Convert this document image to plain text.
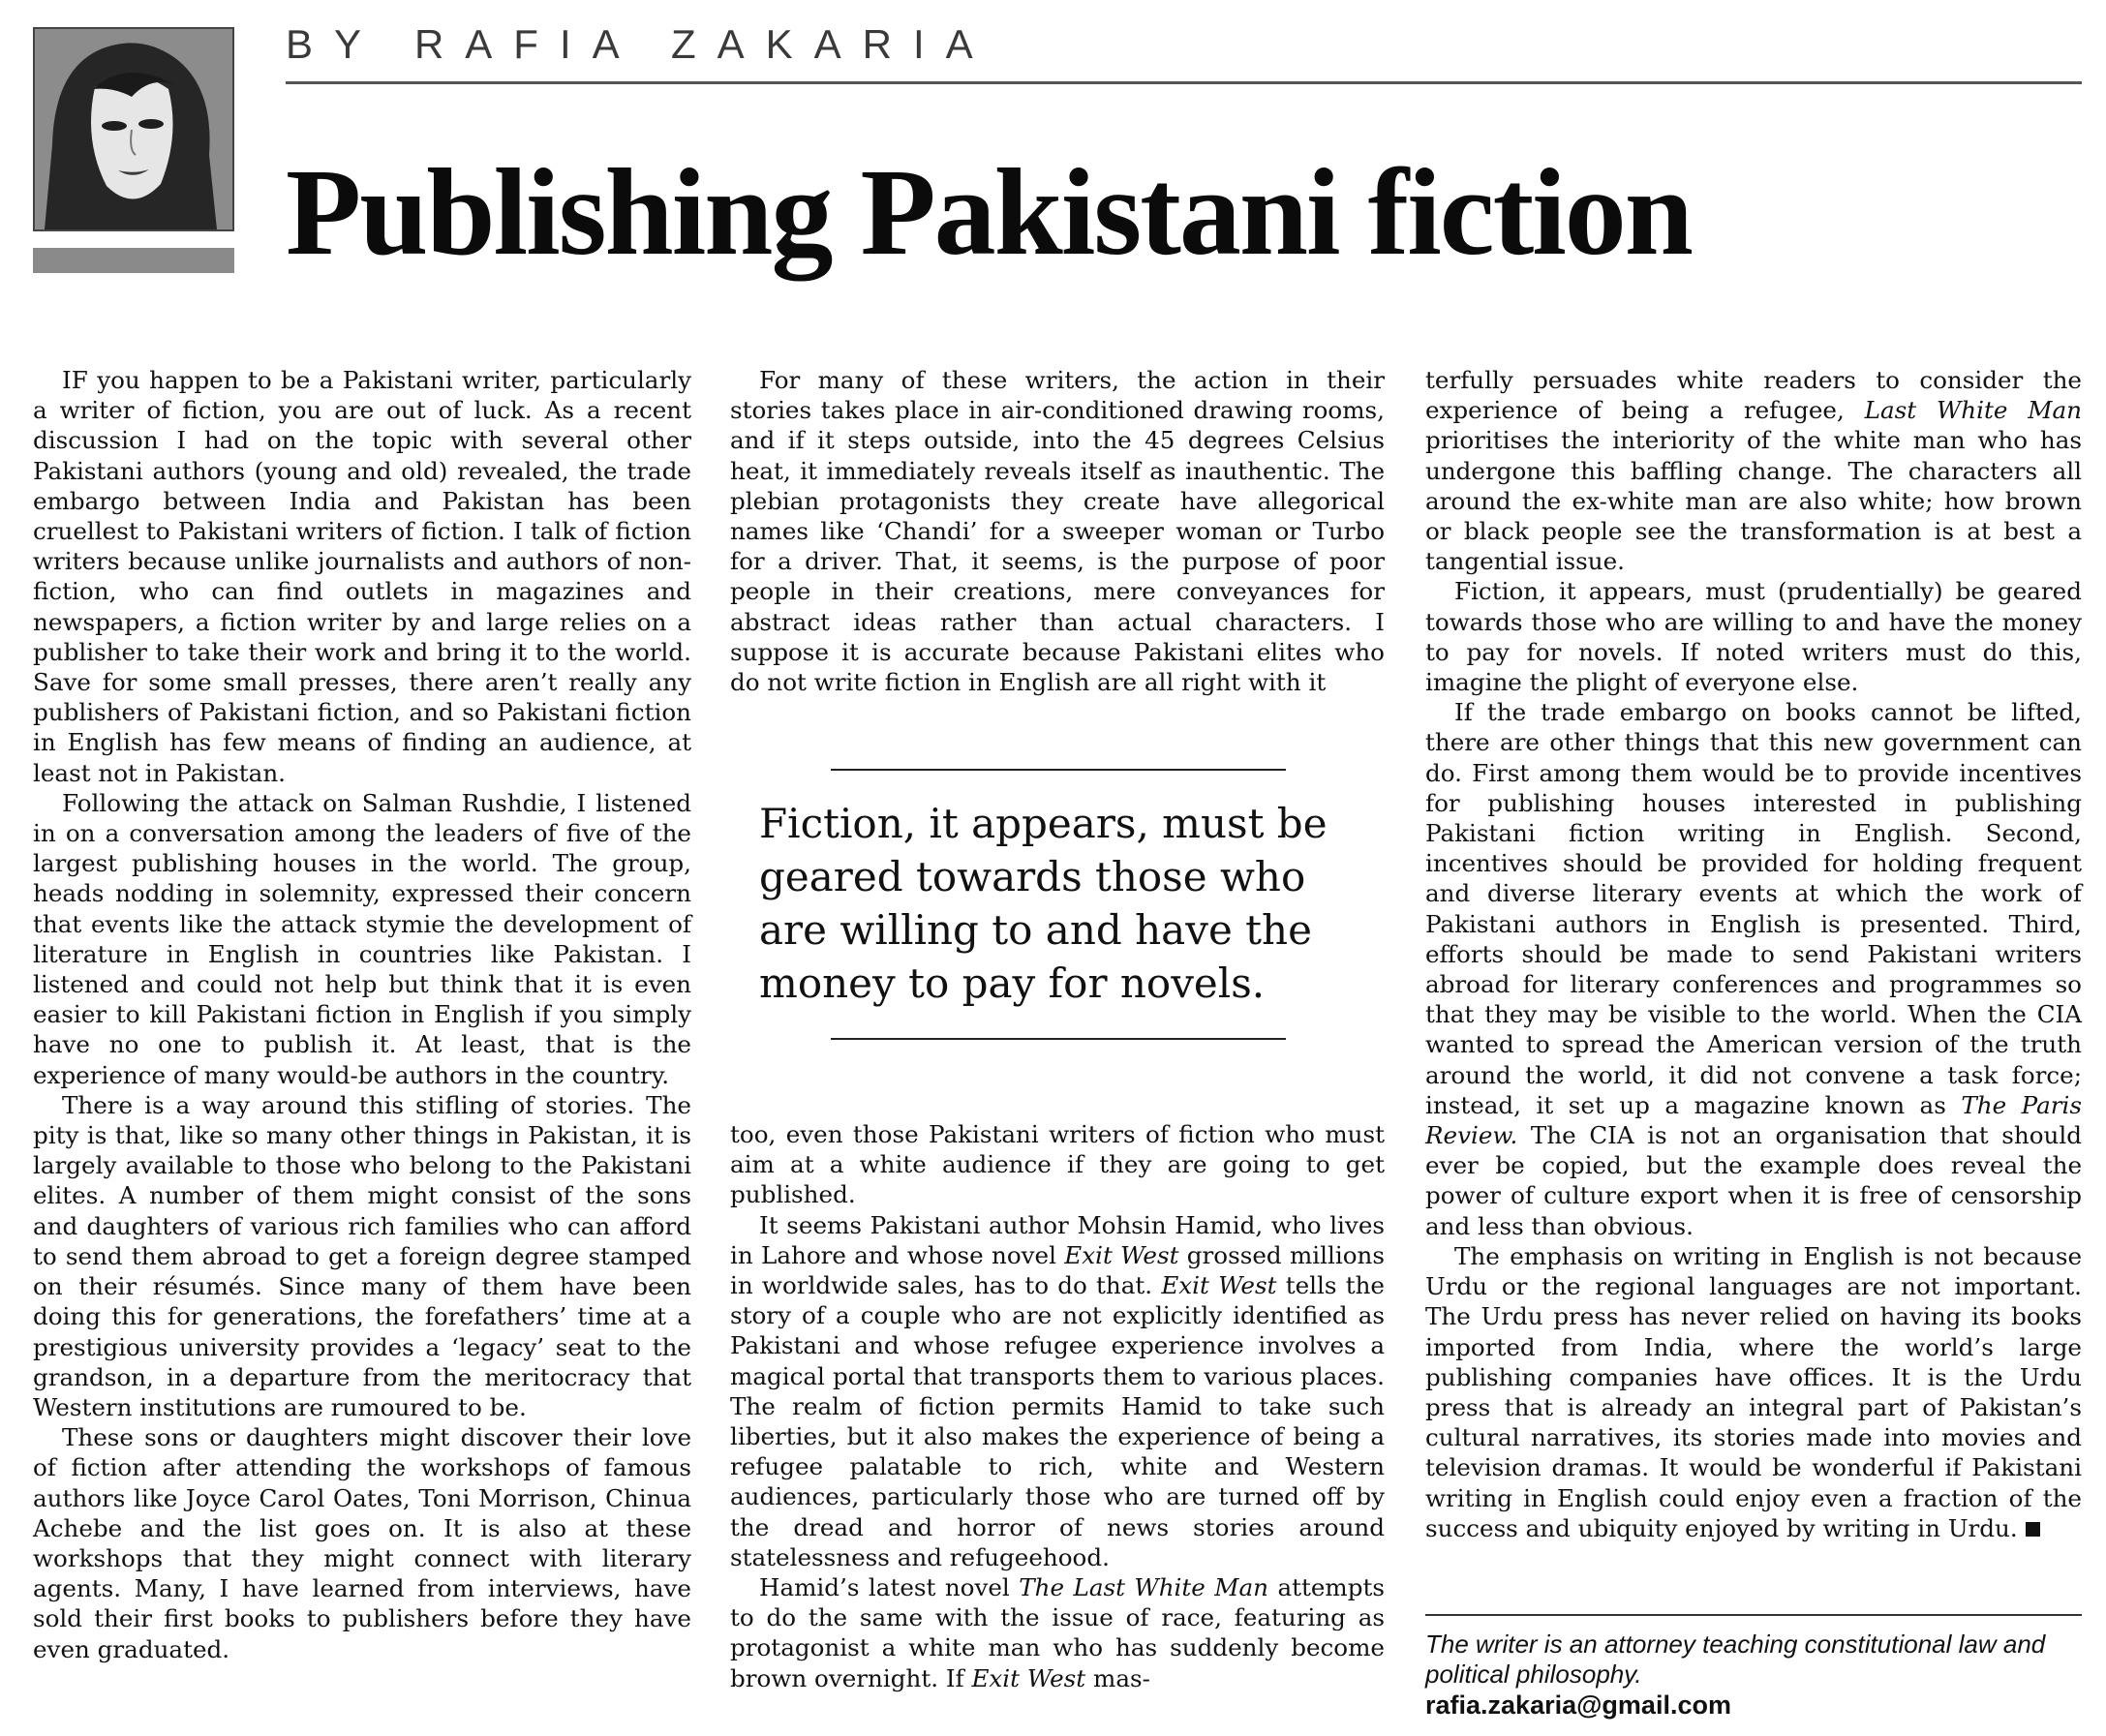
BY RAFIA ZAKARIA
Publishing Pakistani fiction

IF you happen to be a Pakistani writer, particularly a writer of fiction, you are out of luck. As a recent discussion I had on the topic with several other Pakistani authors (young and old) revealed, the trade embargo between India and Pakistan has been cruellest to Pakistani writers of fiction. I talk of fiction writers because unlike journalists and authors of non-fiction, who can find outlets in magazines and newspapers, a fiction writer by and large relies on a publisher to take their work and bring it to the world. Save for some small presses, there aren’t really any publishers of Pakistani fiction, and so Pakistani fiction in English has few means of finding an audience, at least not in Pakistan.

Following the attack on Salman Rushdie, I listened in on a conversation among the leaders of five of the largest publishing houses in the world. The group, heads nodding in solemnity, expressed their concern that events like the attack stymie the development of literature in English in countries like Pakistan. I listened and could not help but think that it is even easier to kill Pakistani fiction in English if you simply have no one to publish it. At least, that is the experience of many would-be authors in the country.

There is a way around this stifling of stories. The pity is that, like so many other things in Pakistan, it is largely available to those who belong to the Pakistani elites. A number of them might consist of the sons and daughters of various rich families who can afford to send them abroad to get a foreign degree stamped on their résumés. Since many of them have been doing this for generations, the forefathers’ time at a prestigious university provides a ‘legacy’ seat to the grandson, in a departure from the meritocracy that Western institutions are rumoured to be.

These sons or daughters might discover their love of fiction after attending the workshops of famous authors like Joyce Carol Oates, Toni Morrison, Chinua Achebe and the list goes on. It is also at these workshops that they might connect with literary agents. Many, I have learned from interviews, have sold their first books to publishers before they have even graduated.

For many of these writers, the action in their stories takes place in air-conditioned drawing rooms, and if it steps outside, into the 45 degrees Celsius heat, it immediately reveals itself as inauthentic. The plebian protagonists they create have allegorical names like ‘Chandi’ for a sweeper woman or Turbo for a driver. That, it seems, is the purpose of poor people in their creations, mere conveyances for abstract ideas rather than actual characters. I suppose it is accurate because Pakistani elites who do not write fiction in English are all right with it

Fiction, it appears, must be geared towards those who are willing to and have the money to pay for novels.

too, even those Pakistani writers of fiction who must aim at a white audience if they are going to get published.

It seems Pakistani author Mohsin Hamid, who lives in Lahore and whose novel Exit West grossed millions in worldwide sales, has to do that. Exit West tells the story of a couple who are not explicitly identified as Pakistani and whose refugee experience involves a magical portal that transports them to various places. The realm of fiction permits Hamid to take such liberties, but it also makes the experience of being a refugee palatable to rich, white and Western audiences, particularly those who are turned off by the dread and horror of news stories around statelessness and refugeehood.

Hamid’s latest novel The Last White Man attempts to do the same with the issue of race, featuring as protagonist a white man who has suddenly become brown overnight. If Exit West mas-

terfully persuades white readers to consider the experience of being a refugee, Last White Man prioritises the interiority of the white man who has undergone this baffling change. The characters all around the ex-white man are also white; how brown or black people see the transformation is at best a tangential issue.

Fiction, it appears, must (prudentially) be geared towards those who are willing to and have the money to pay for novels. If noted writers must do this, imagine the plight of everyone else.

If the trade embargo on books cannot be lifted, there are other things that this new government can do. First among them would be to provide incentives for publishing houses interested in publishing Pakistani fiction writing in English. Second, incentives should be provided for holding frequent and diverse literary events at which the work of Pakistani authors in English is presented. Third, efforts should be made to send Pakistani writers abroad for literary conferences and programmes so that they may be visible to the world. When the CIA wanted to spread the American version of the truth around the world, it did not convene a task force; instead, it set up a magazine known as The Paris Review. The CIA is not an organisation that should ever be copied, but the example does reveal the power of culture export when it is free of censorship and less than obvious.

The emphasis on writing in English is not because Urdu or the regional languages are not important. The Urdu press has never relied on having its books imported from India, where the world’s large publishing companies have offices. It is the Urdu press that is already an integral part of Pakistan’s cultural narratives, its stories made into movies and television dramas. It would be wonderful if Pakistani writing in English could enjoy even a fraction of the success and ubiquity enjoyed by writing in Urdu.

The writer is an attorney teaching constitutional law and political philosophy.
rafia.zakaria@gmail.com
